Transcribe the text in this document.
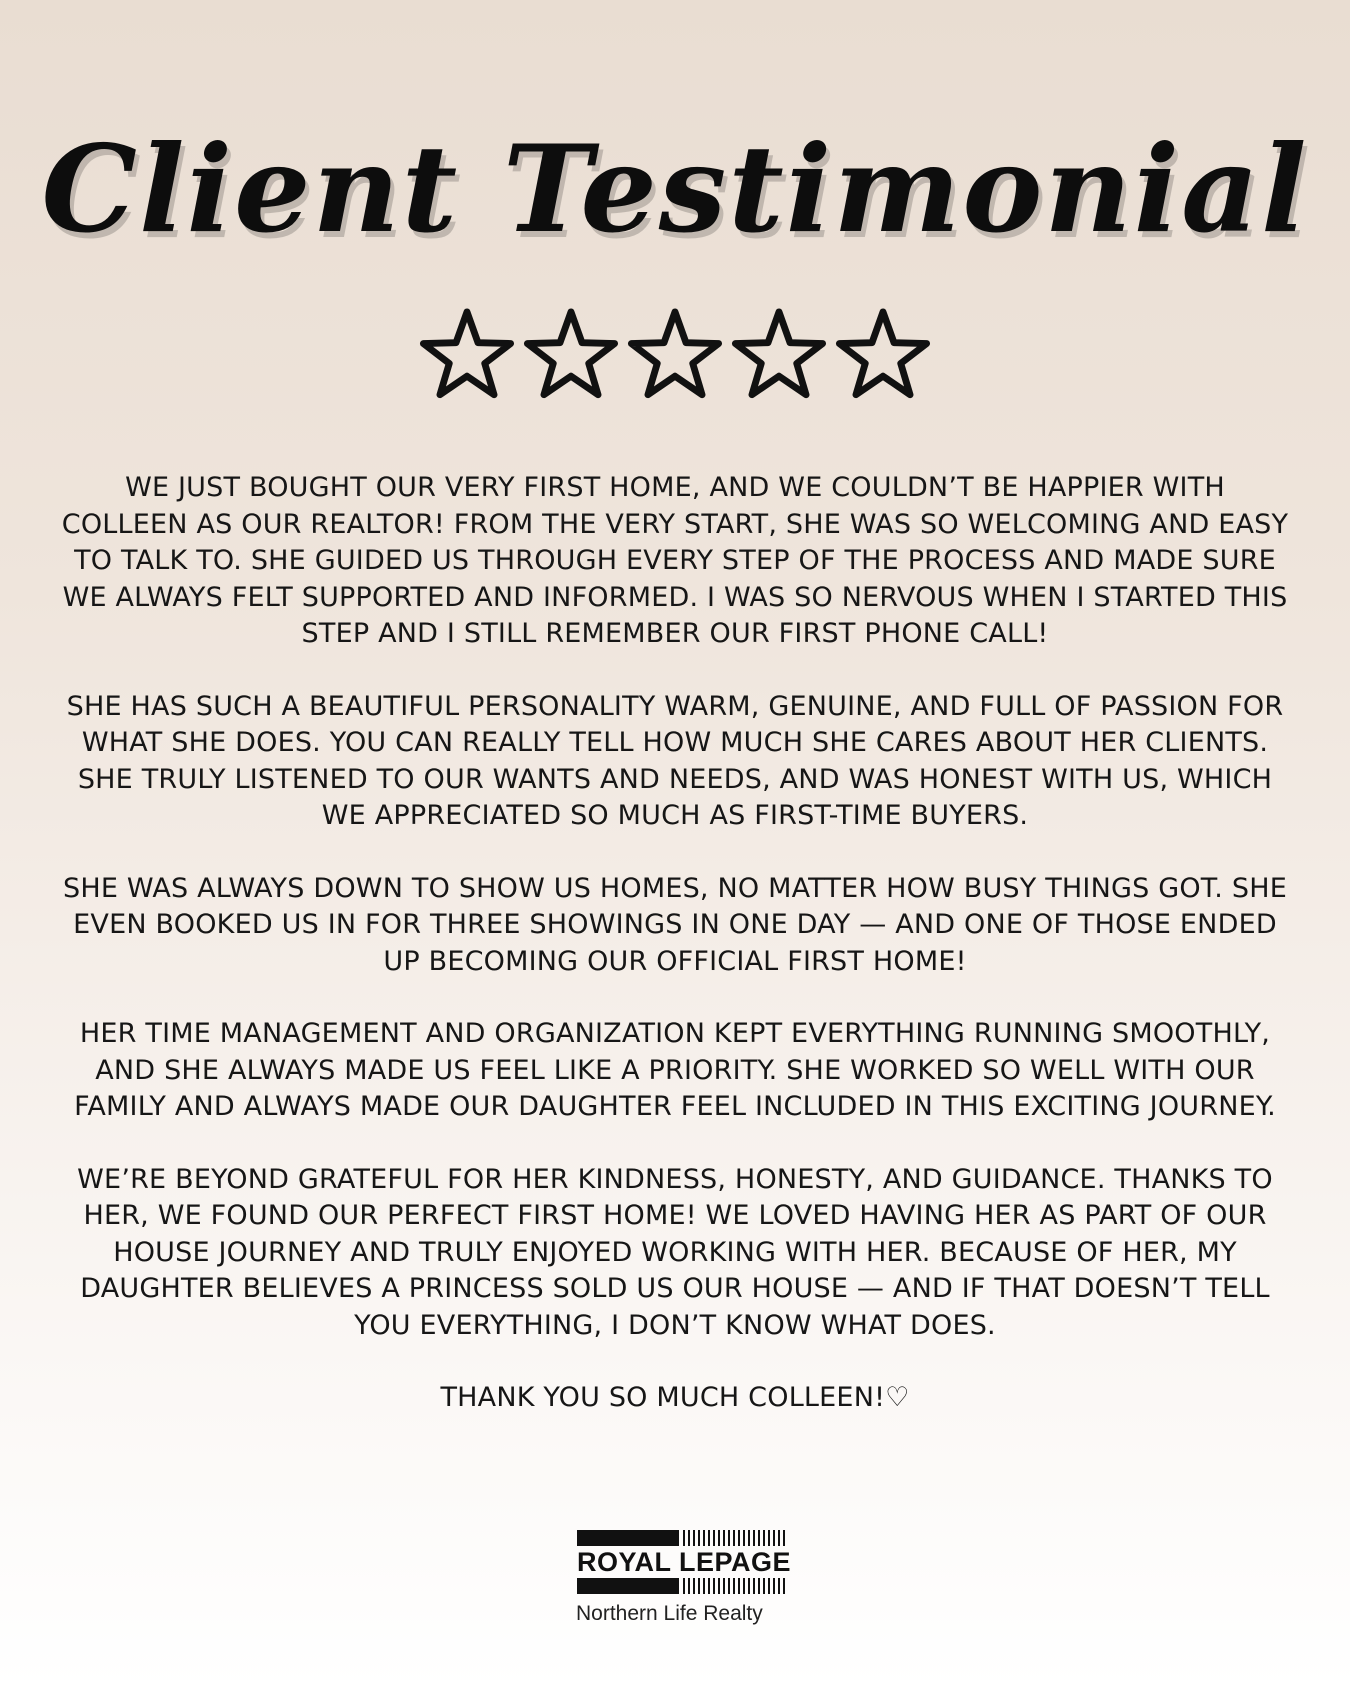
Client Testimonial

WE JUST BOUGHT OUR VERY FIRST HOME, AND WE COULDN’T BE HAPPIER WITH COLLEEN AS OUR REALTOR! FROM THE VERY START, SHE WAS SO WELCOMING AND EASY TO TALK TO. SHE GUIDED US THROUGH EVERY STEP OF THE PROCESS AND MADE SURE WE ALWAYS FELT SUPPORTED AND INFORMED. I WAS SO NERVOUS WHEN I STARTED THIS STEP AND I STILL REMEMBER OUR FIRST PHONE CALL!

SHE HAS SUCH A BEAUTIFUL PERSONALITY WARM, GENUINE, AND FULL OF PASSION FOR WHAT SHE DOES. YOU CAN REALLY TELL HOW MUCH SHE CARES ABOUT HER CLIENTS. SHE TRULY LISTENED TO OUR WANTS AND NEEDS, AND WAS HONEST WITH US, WHICH WE APPRECIATED SO MUCH AS FIRST-TIME BUYERS.

SHE WAS ALWAYS DOWN TO SHOW US HOMES, NO MATTER HOW BUSY THINGS GOT. SHE EVEN BOOKED US IN FOR THREE SHOWINGS IN ONE DAY — AND ONE OF THOSE ENDED UP BECOMING OUR OFFICIAL FIRST HOME!

HER TIME MANAGEMENT AND ORGANIZATION KEPT EVERYTHING RUNNING SMOOTHLY, AND SHE ALWAYS MADE US FEEL LIKE A PRIORITY. SHE WORKED SO WELL WITH OUR FAMILY AND ALWAYS MADE OUR DAUGHTER FEEL INCLUDED IN THIS EXCITING JOURNEY.

WE’RE BEYOND GRATEFUL FOR HER KINDNESS, HONESTY, AND GUIDANCE. THANKS TO HER, WE FOUND OUR PERFECT FIRST HOME! WE LOVED HAVING HER AS PART OF OUR HOUSE JOURNEY AND TRULY ENJOYED WORKING WITH HER. BECAUSE OF HER, MY DAUGHTER BELIEVES A PRINCESS SOLD US OUR HOUSE — AND IF THAT DOESN’T TELL YOU EVERYTHING, I DON’T KNOW WHAT DOES.

THANK YOU SO MUCH COLLEEN!♡

ROYAL LEPAGE
Northern Life Realty
